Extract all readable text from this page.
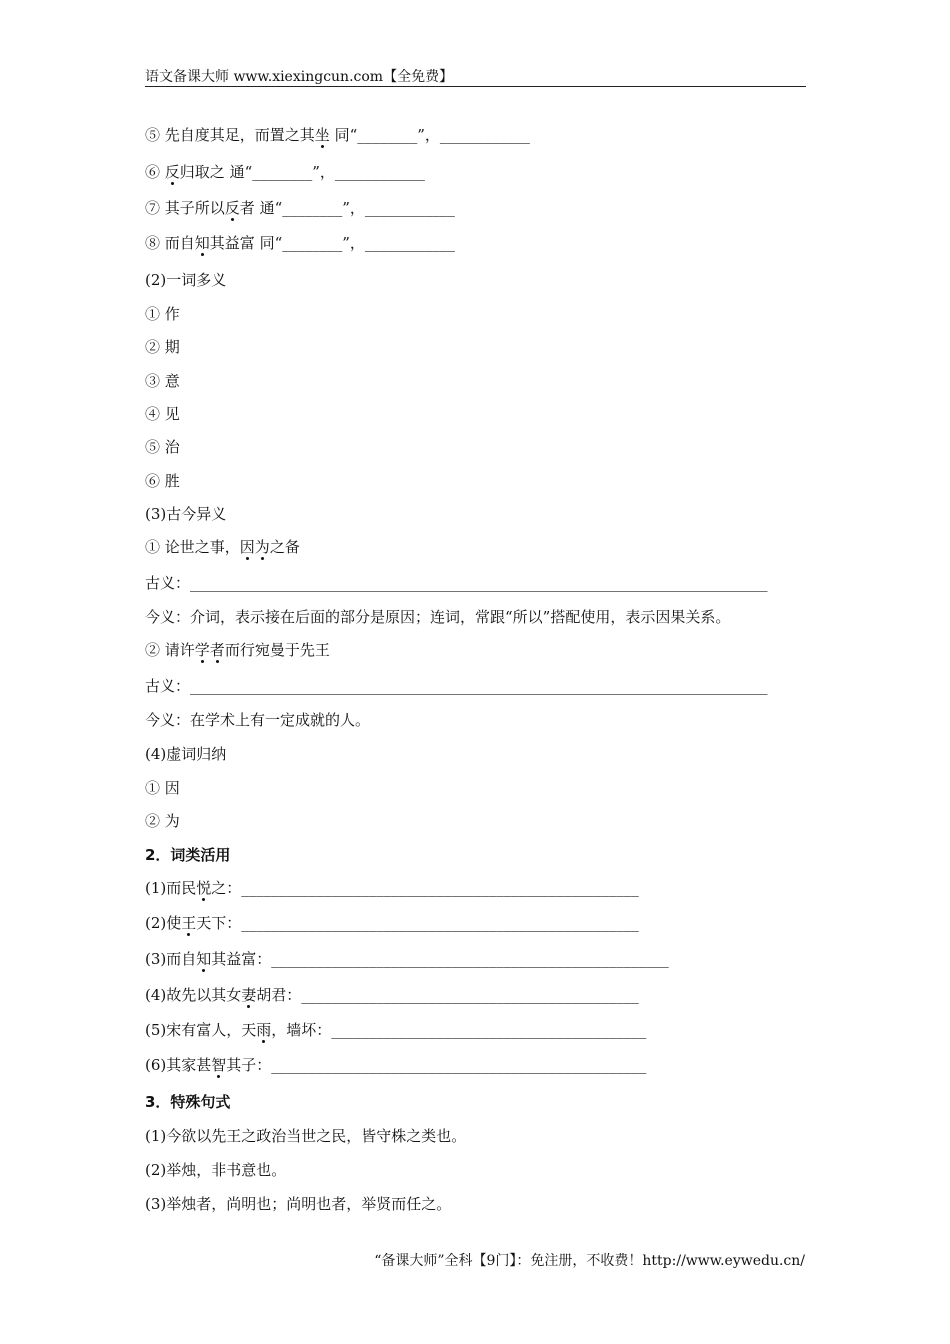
语文备课大师 www.xiexingcun.com【全免费】
⑤ 先自度其足，而置之其坐 同“________”，____________
⑥ 反归取之 通“________”，____________
⑦ 其子所以反者 通“________”，____________
⑧ 而自知其益富 同“________”，____________
(2)一词多义
① 作
② 期
③ 意
④ 见
⑤ 治
⑥ 胜
(3)古今异义
① 论世之事，因为之备
古义：_____________________________________________________________________________
今义：介词，表示接在后面的部分是原因；连词，常跟“所以”搭配使用，表示因果关系。
② 请许学者而行宛曼于先王
古义：_____________________________________________________________________________
今义：在学术上有一定成就的人。
(4)虚词归纳
① 因
② 为
2．词类活用
(1)而民悦之：_____________________________________________________
(2)使王天下：_____________________________________________________
(3)而自知其益富：_____________________________________________________
(4)故先以其女妻胡君：_____________________________________________
(5)宋有富人，天雨，墙坏：__________________________________________
(6)其家甚智其子：__________________________________________________
3．特殊句式
(1)今欲以先王之政治当世之民，皆守株之类也。
(2)举烛，非书意也。
(3)举烛者，尚明也；尚明也者，举贤而任之。
“备课大师”全科【9门】：免注册，不收费！http://www.eywedu.cn/
